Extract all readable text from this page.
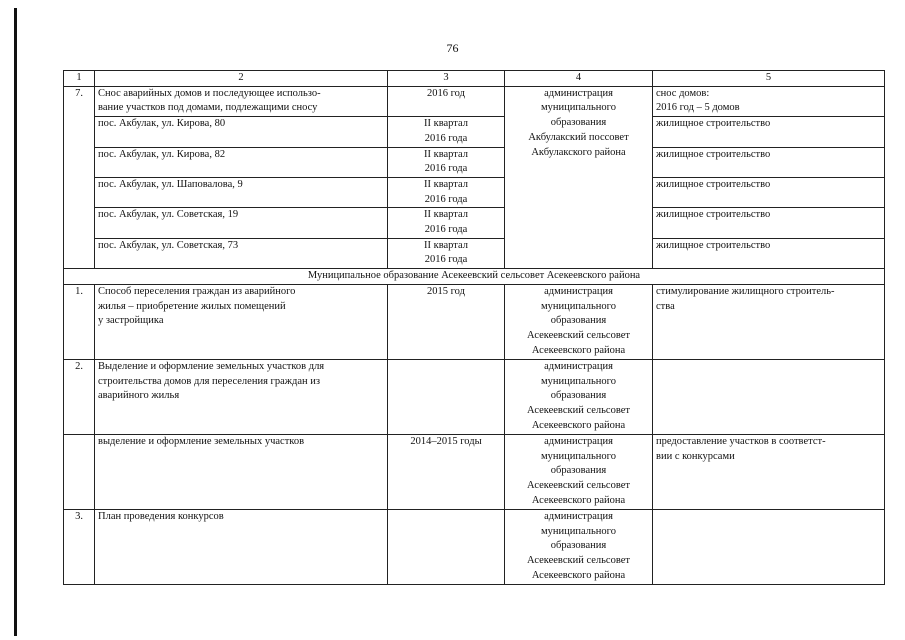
76
1	2	3	4	5
7.	Снос аварийных домов и последующее использо-
вание участков под домами, подлежащими сносу	2016 год	администрация
муниципального
образования
Акбулакский поссовет
Акбулакского района	снос домов:
2016 год – 5 домов
	пос. Акбулак, ул. Кирова, 80	II квартал
2016 года		жилищное строительство
	пос. Акбулак, ул. Кирова, 82	II квартал
2016 года		жилищное строительство
	пос. Акбулак, ул. Шаповалова, 9	II квартал
2016 года		жилищное строительство
	пос. Акбулак, ул. Советская, 19	II квартал
2016 года		жилищное строительство
	пос. Акбулак, ул. Советская, 73	II квартал
2016 года		жилищное строительство
Муниципальное образование Асекеевский сельсовет Асекеевского района				
1.	Способ переселения граждан из аварийного
жилья – приобретение жилых помещений
у застройщика	2015 год	администрация
муниципального
образования
Асекеевский сельсовет
Асекеевского района	стимулирование жилищного строитель-
ства
2.	Выделение и оформление земельных участков для
строительства домов для переселения граждан из
аварийного жилья		администрация
муниципального
образования
Асекеевский сельсовет
Асекеевского района	
	выделение и оформление земельных участков	2014–2015 годы	администрация
муниципального
образования
Асекеевский сельсовет
Асекеевского района	предоставление участков в соответст-
вии с конкурсами
3.	План проведения конкурсов		администрация
муниципального
образования
Асекеевский сельсовет
Асекеевского района	
